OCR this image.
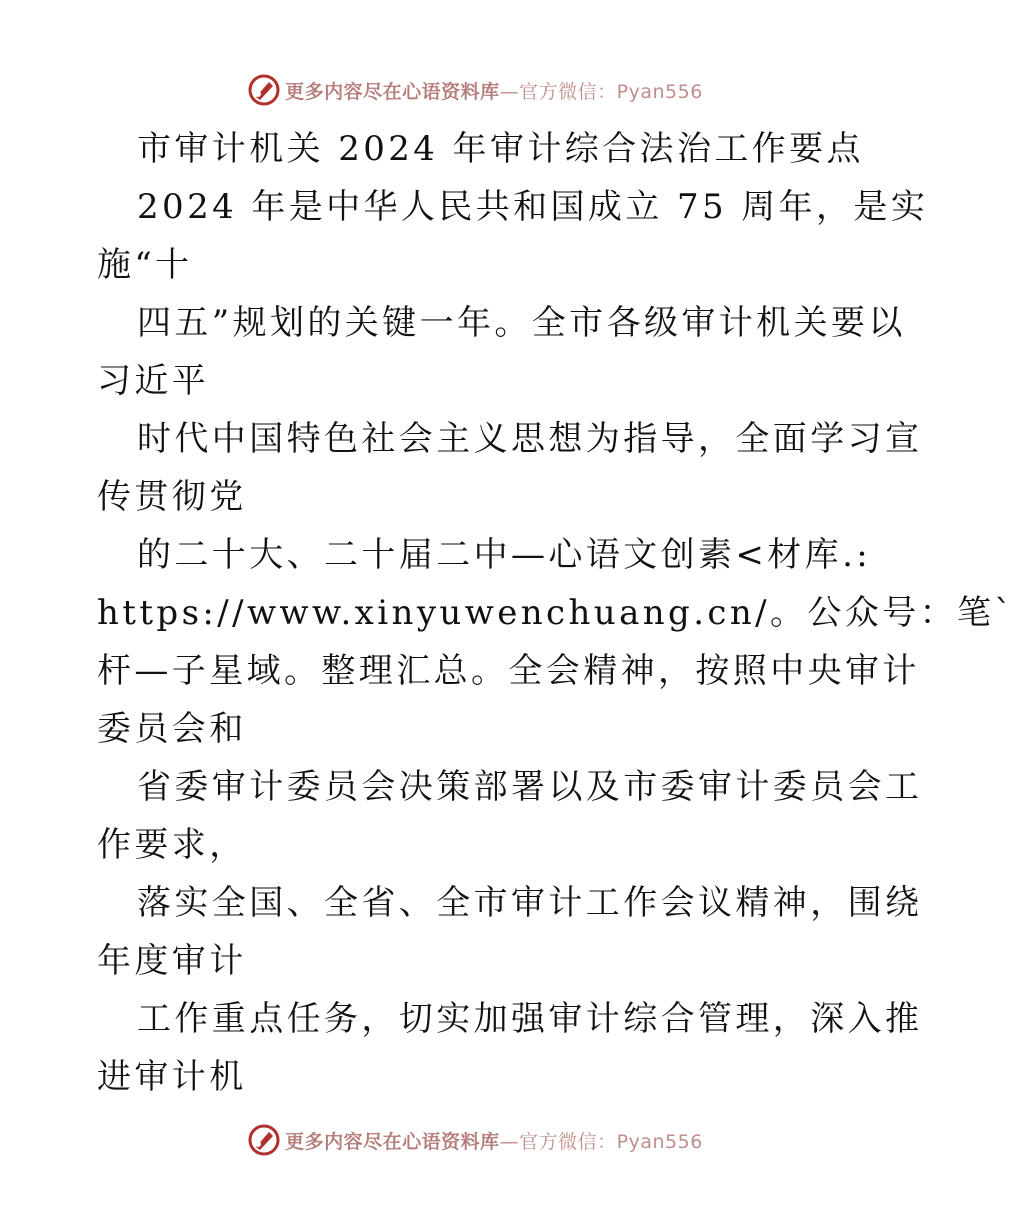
更多内容尽在心语资料库—官方微信：Pyan556
市审计机关 2024 年审计综合法治工作要点
2024 年是中华人民共和国成立 75 周年，是实
施“十
四五”规划的关键一年。全市各级审计机关要以
习近平
时代中国特色社会主义思想为指导，全面学习宣
传贯彻党
的二十大、二十届二中—心语文创素<材库.:
https://www.xinyuwenchuang.cn/。公众号：笔`
杆—子星域。整理汇总。全会精神，按照中央审计
委员会和
省委审计委员会决策部署以及市委审计委员会工
作要求，
落实全国、全省、全市审计工作会议精神，围绕
年度审计
工作重点任务，切实加强审计综合管理，深入推
进审计机
更多内容尽在心语资料库—官方微信：Pyan556
